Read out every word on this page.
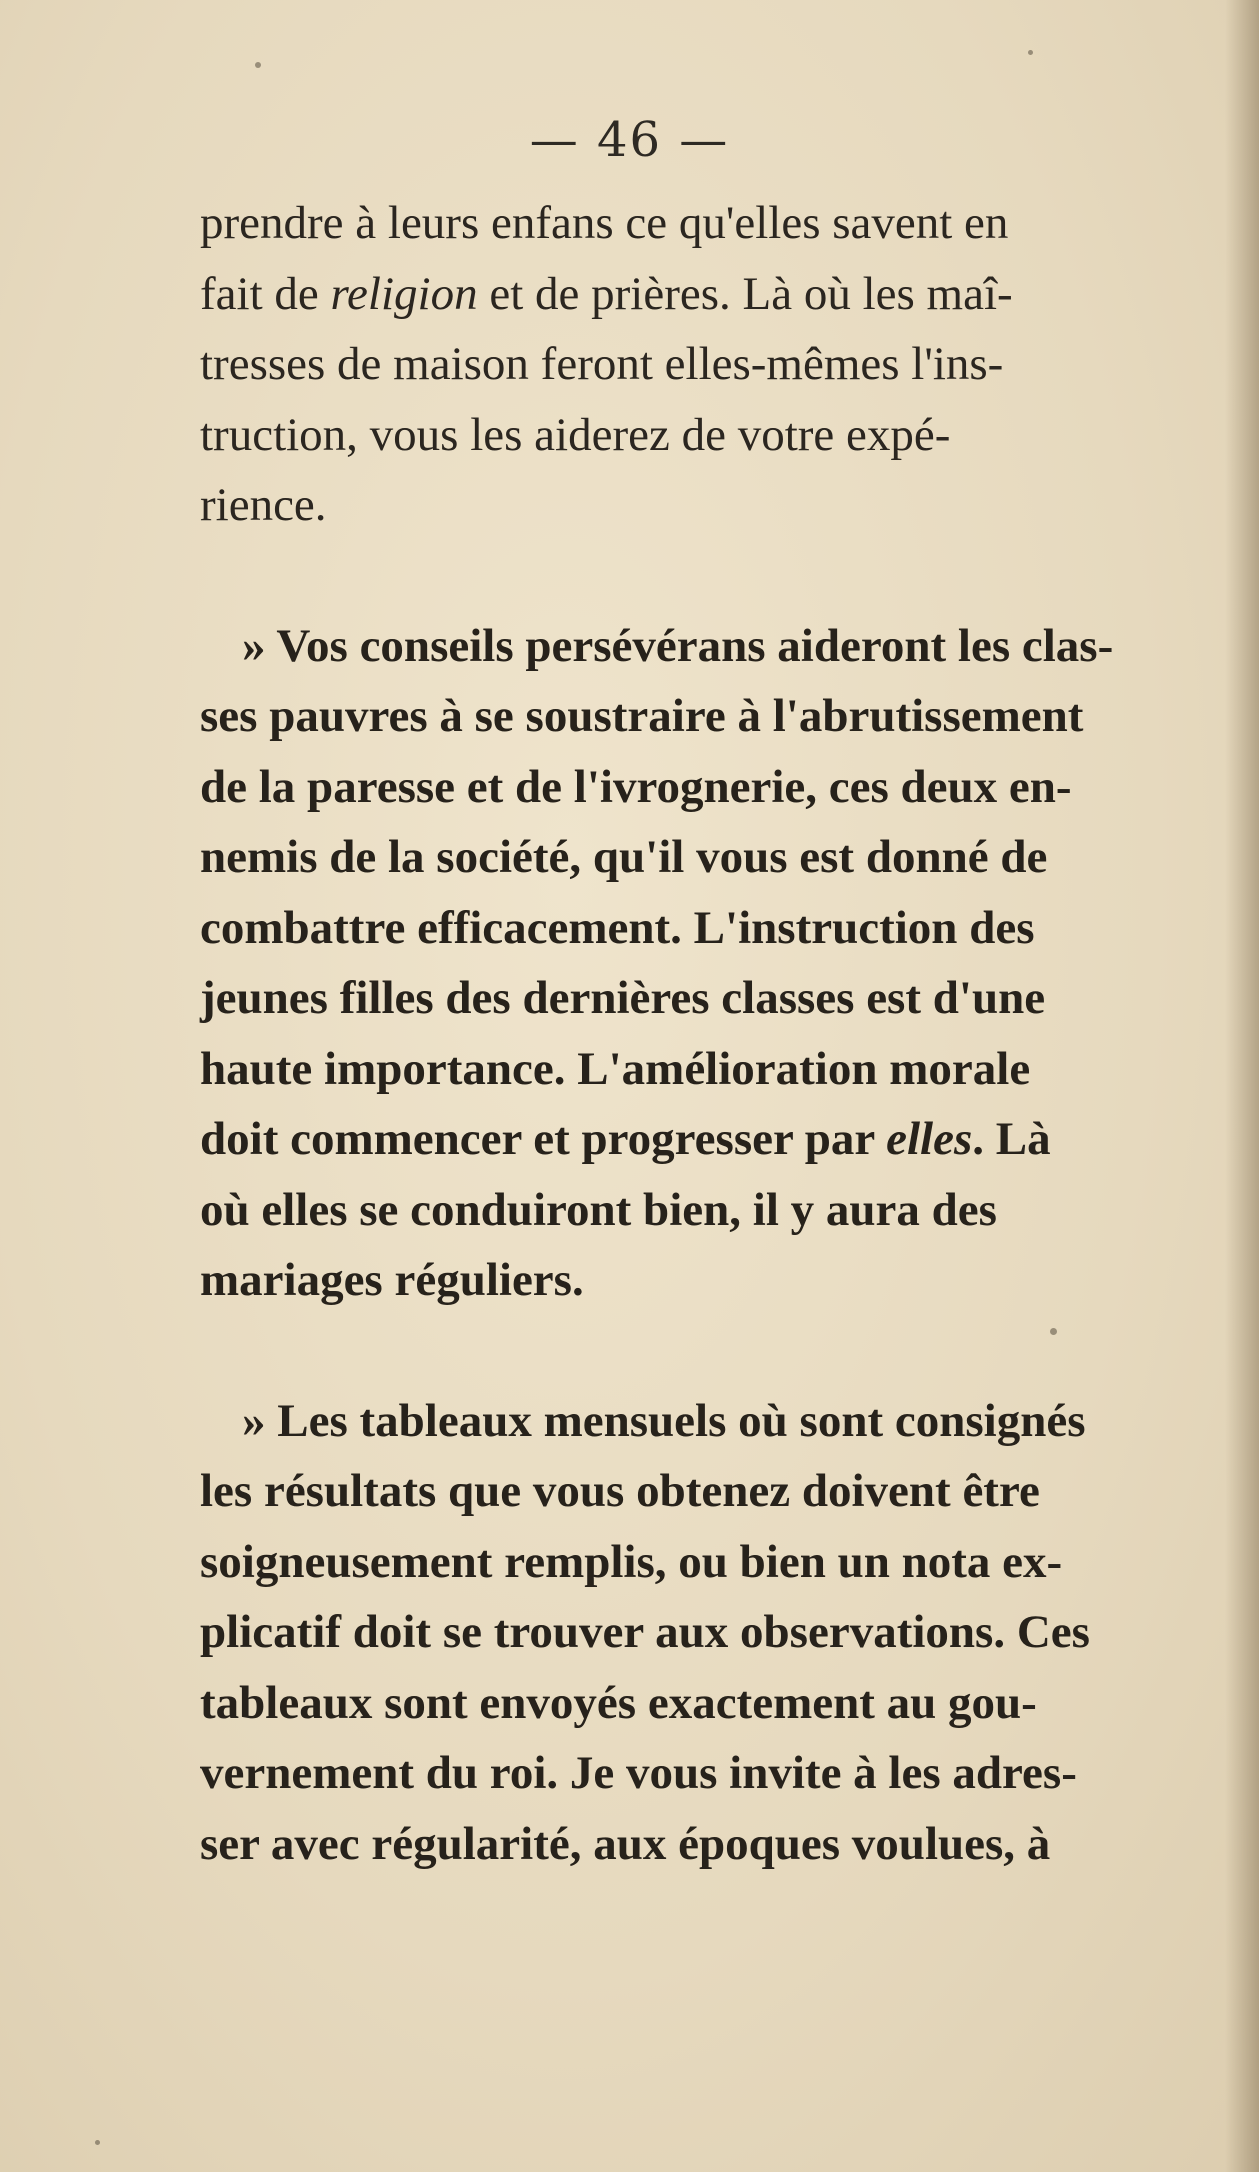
— 46 —

prendre à leurs enfans ce qu'elles savent en
fait de religion et de prières. Là où les maî-
tresses de maison feront elles-mêmes l'ins-
truction, vous les aiderez de votre expé-
rience.

» Vos conseils persévérans aideront les clas-
ses pauvres à se soustraire à l'abrutissement
de la paresse et de l'ivrognerie, ces deux en-
nemis de la société, qu'il vous est donné de
combattre efficacement. L'instruction des
jeunes filles des dernières classes est d'une
haute importance. L'amélioration morale
doit commencer et progresser par elles. Là
où elles se conduiront bien, il y aura des
mariages réguliers.

» Les tableaux mensuels où sont consignés
les résultats que vous obtenez doivent être
soigneusement remplis, ou bien un nota ex-
plicatif doit se trouver aux observations. Ces
tableaux sont envoyés exactement au gou-
vernement du roi. Je vous invite à les adres-
ser avec régularité, aux époques voulues, à
